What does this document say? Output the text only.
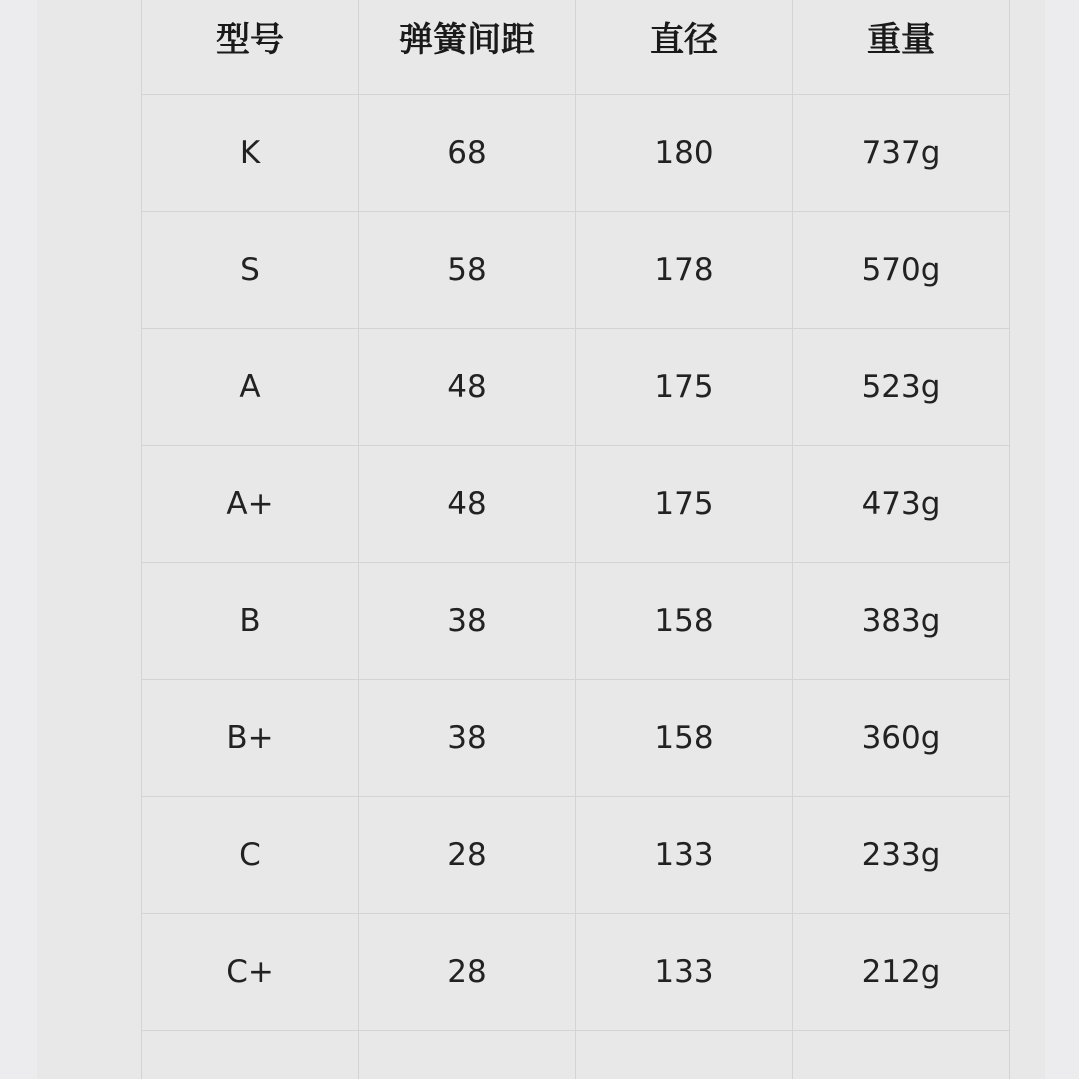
型号	弹簧间距	直径	重量
K	68	180	737g
S	58	178	570g
A	48	175	523g
A+	48	175	473g
B	38	158	383g
B+	38	158	360g
C	28	133	233g
C+	28	133	212g
